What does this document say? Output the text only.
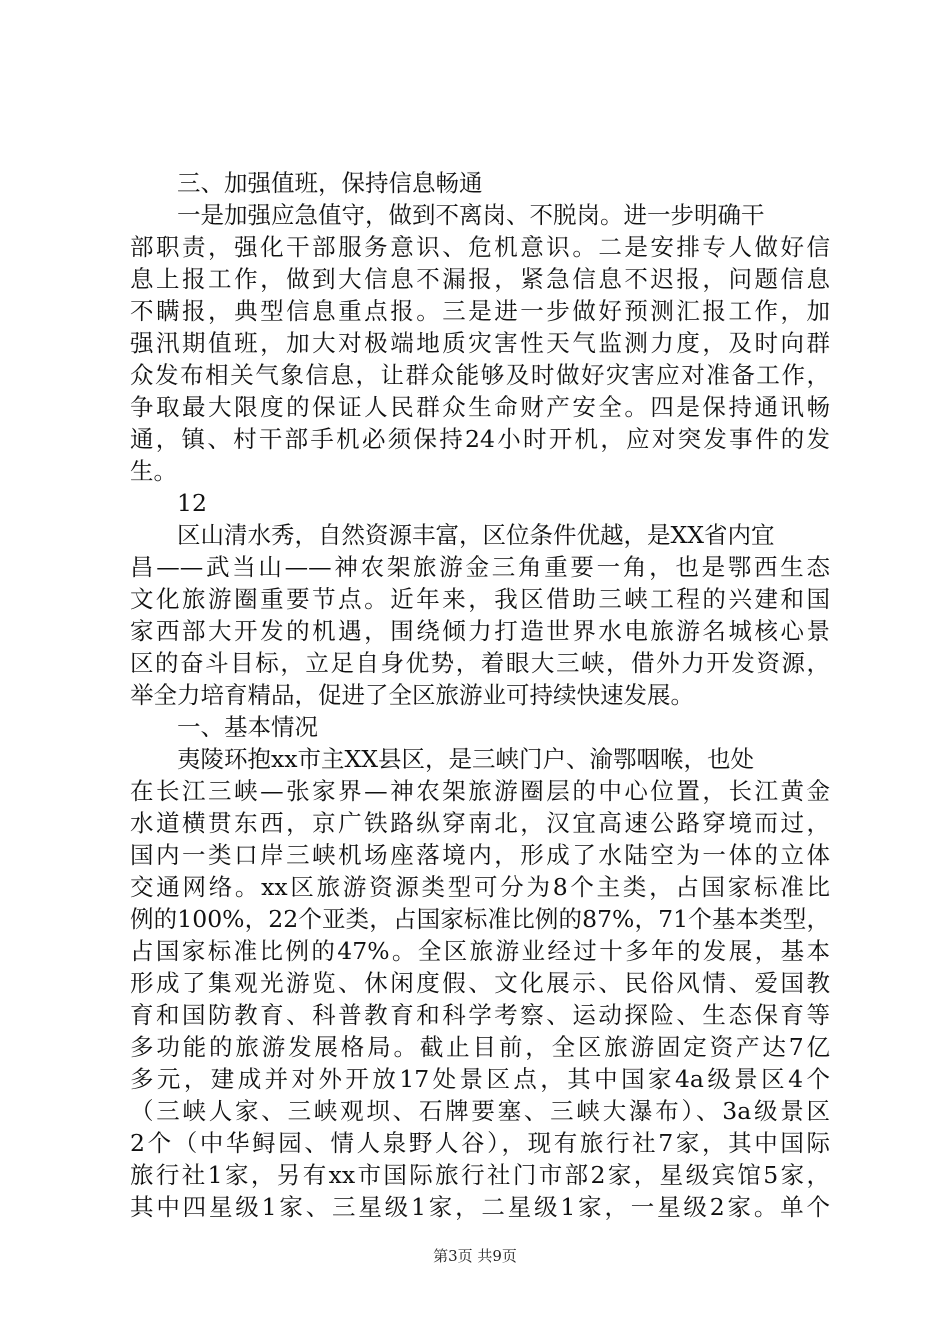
三、加强值班，保持信息畅通
一是加强应急值守，做到不离岗、不脱岗。进一步明确干
部职责，强化干部服务意识、危机意识。二是安排专人做好信
息上报工作，做到大信息不漏报，紧急信息不迟报，问题信息
不瞒报，典型信息重点报。三是进一步做好预测汇报工作，加
强汛期值班，加大对极端地质灾害性天气监测力度，及时向群
众发布相关气象信息，让群众能够及时做好灾害应对准备工作，
争取最大限度的保证人民群众生命财产安全。四是保持通讯畅
通，镇、村干部手机必须保持24小时开机，应对突发事件的发
生。
12
区山清水秀，自然资源丰富，区位条件优越，是XX省内宜
昌——武当山——神农架旅游金三角重要一角，也是鄂西生态
文化旅游圈重要节点。近年来，我区借助三峡工程的兴建和国
家西部大开发的机遇，围绕倾力打造世界水电旅游名城核心景
区的奋斗目标，立足自身优势，着眼大三峡，借外力开发资源，
举全力培育精品，促进了全区旅游业可持续快速发展。
一、基本情况
夷陵环抱xx市主XX县区，是三峡门户、渝鄂咽喉，也处
在长江三峡—张家界—神农架旅游圈层的中心位置，长江黄金
水道横贯东西，京广铁路纵穿南北，汉宜高速公路穿境而过，
国内一类口岸三峡机场座落境内，形成了水陆空为一体的立体
交通网络。xx区旅游资源类型可分为8个主类，占国家标准比
例的100%，22个亚类，占国家标准比例的87%，71个基本类型，
占国家标准比例的47%。全区旅游业经过十多年的发展，基本
形成了集观光游览、休闲度假、文化展示、民俗风情、爱国教
育和国防教育、科普教育和科学考察、运动探险、生态保育等
多功能的旅游发展格局。截止目前，全区旅游固定资产达7亿
多元，建成并对外开放17处景区点，其中国家4a级景区4个
（三峡人家、三峡观坝、石牌要塞、三峡大瀑布）、3a级景区
2个（中华鲟园、情人泉野人谷），现有旅行社7家，其中国际
旅行社1家，另有xx市国际旅行社门市部2家，星级宾馆5家，
其中四星级1家、三星级1家，二星级1家，一星级2家。单个
第3页 共9页
